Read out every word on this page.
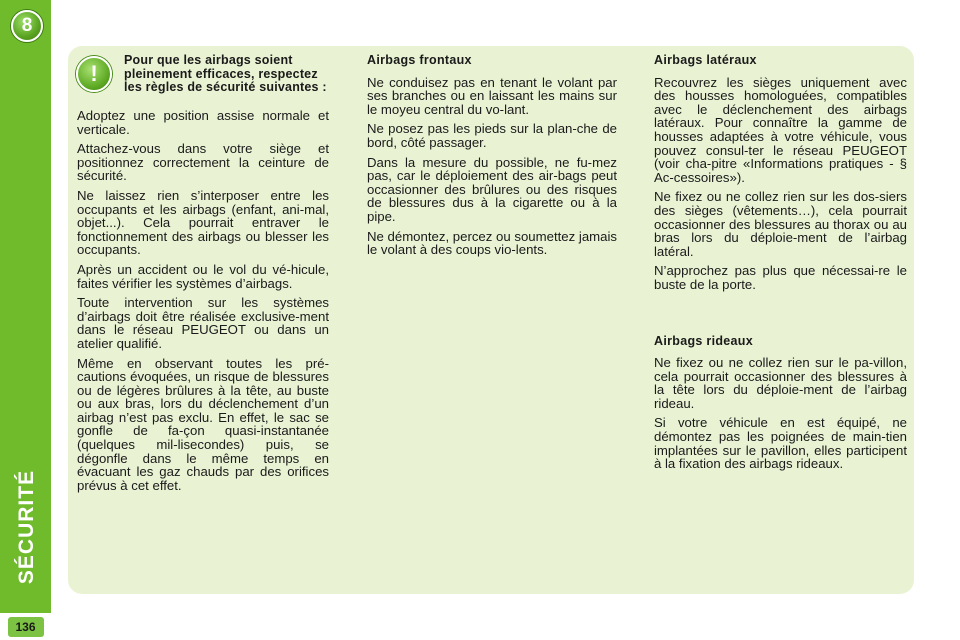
8
SÉCURITÉ
136
!
Pour que les airbags soient pleinement efficaces, respectez les règles de sécurité suivantes :

Adoptez une position assise normale et verticale.

Attachez-vous dans votre siège et positionnez correctement la ceinture de sécurité.

Ne laissez rien s’interposer entre les occupants et les airbags (enfant, ani-mal, objet...). Cela pourrait entraver le fonctionnement des airbags ou blesser les occupants.

Après un accident ou le vol du vé-hicule, faites vérifier les systèmes d’airbags.

Toute intervention sur les systèmes d’airbags doit être réalisée exclusive-ment dans le réseau PEUGEOT ou dans un atelier qualifié.

Même en observant toutes les pré-cautions évoquées, un risque de blessures ou de légères brûlures à la tête, au buste ou aux bras, lors du déclenchement d’un airbag n’est pas exclu. En effet, le sac se gonfle de fa-çon quasi-instantanée (quelques mil-lisecondes) puis, se dégonfle dans le même temps en évacuant les gaz chauds par des orifices prévus à cet effet.

Airbags frontaux

Ne conduisez pas en tenant le volant par ses branches ou en laissant les mains sur le moyeu central du vo-lant.

Ne posez pas les pieds sur la plan-che de bord, côté passager.

Dans la mesure du possible, ne fu-mez pas, car le déploiement des air-bags peut occasionner des brûlures ou des risques de blessures dus à la cigarette ou à la pipe.

Ne démontez, percez ou soumettez jamais le volant à des coups vio-lents.

Airbags latéraux

Recouvrez les sièges uniquement avec des housses homologuées, compatibles avec le déclenchement des airbags latéraux. Pour connaître la gamme de housses adaptées à votre véhicule, vous pouvez consul-ter le réseau PEUGEOT (voir cha-pitre «Informations pratiques - § Ac-cessoires»).

Ne fixez ou ne collez rien sur les dos-siers des sièges (vêtements…), cela pourrait occasionner des blessures au thorax ou au bras lors du déploie-ment de l’airbag latéral.

N’approchez pas plus que nécessai-re le buste de la porte.

Airbags rideaux

Ne fixez ou ne collez rien sur le pa-villon, cela pourrait occasionner des blessures à la tête lors du déploie-ment de l’airbag rideau.

Si votre véhicule en est équipé, ne démontez pas les poignées de main-tien implantées sur le pavillon, elles participent à la fixation des airbags rideaux.
